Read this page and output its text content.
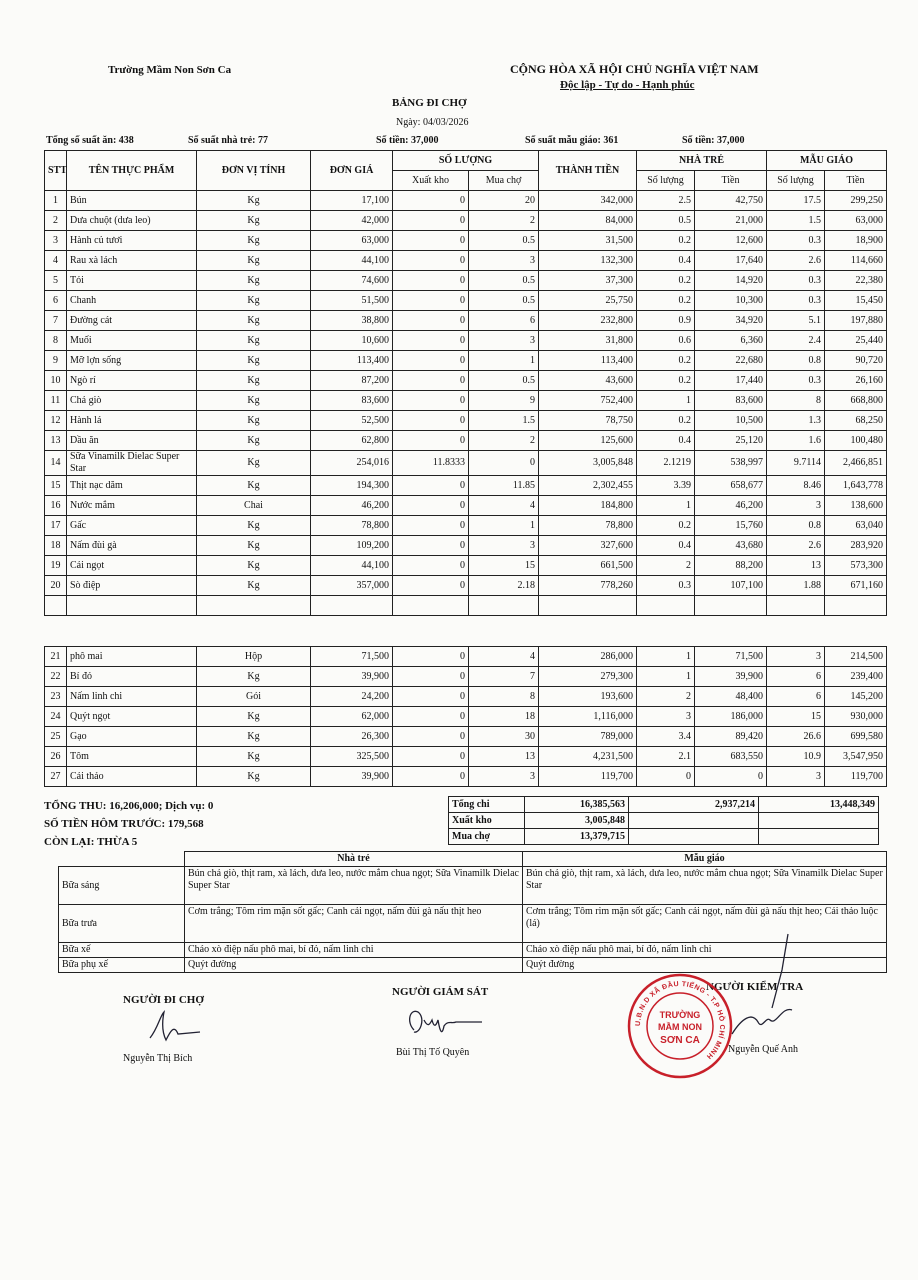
Trường Mầm Non Sơn Ca	CỘNG HÒA XÃ HỘI CHỦ NGHĨA VIỆT NAM
Độc lập - Tự do - Hạnh phúc
BẢNG ĐI CHỢ
Ngày: 04/03/2026
Tổng số suất ăn: 438	Số suất nhà trẻ: 77	Số tiền: 37,000	Số suất mẫu giáo: 361	Số tiền: 37,000
STT	TÊN THỰC PHẨM	ĐƠN VỊ TÍNH	ĐƠN GIÁ	SỐ LƯỢNG		THÀNH TIỀN	NHÀ TRẺ		MẪU GIÁO	
				Xuất kho	Mua chợ		Số lượng	Tiền	Số lượng	Tiền
1	Bún	Kg	17,100	0	20	342,000	2.5	42,750	17.5	299,250
2	Dưa chuột (dưa leo)	Kg	42,000	0	2	84,000	0.5	21,000	1.5	63,000
3	Hành củ tươi	Kg	63,000	0	0.5	31,500	0.2	12,600	0.3	18,900
4	Rau xà lách	Kg	44,100	0	3	132,300	0.4	17,640	2.6	114,660
5	Tỏi	Kg	74,600	0	0.5	37,300	0.2	14,920	0.3	22,380
6	Chanh	Kg	51,500	0	0.5	25,750	0.2	10,300	0.3	15,450
7	Đường cát	Kg	38,800	0	6	232,800	0.9	34,920	5.1	197,880
8	Muối	Kg	10,600	0	3	31,800	0.6	6,360	2.4	25,440
9	Mỡ lợn sống	Kg	113,400	0	1	113,400	0.2	22,680	0.8	90,720
10	Ngò rí	Kg	87,200	0	0.5	43,600	0.2	17,440	0.3	26,160
11	Chả giò	Kg	83,600	0	9	752,400	1	83,600	8	668,800
12	Hành lá	Kg	52,500	0	1.5	78,750	0.2	10,500	1.3	68,250
13	Dầu ăn	Kg	62,800	0	2	125,600	0.4	25,120	1.6	100,480
14	Sữa Vinamilk Dielac Super Star	Kg	254,016	11.8333	0	3,005,848	2.1219	538,997	9.7114	2,466,851
15	Thịt nạc dăm	Kg	194,300	0	11.85	2,302,455	3.39	658,677	8.46	1,643,778
16	Nước mắm	Chai	46,200	0	4	184,800	1	46,200	3	138,600
17	Gấc	Kg	78,800	0	1	78,800	0.2	15,760	0.8	63,040
18	Nấm đùi gà	Kg	109,200	0	3	327,600	0.4	43,680	2.6	283,920
19	Cải ngọt	Kg	44,100	0	15	661,500	2	88,200	13	573,300
20	Sò điệp	Kg	357,000	0	2.18	778,260	0.3	107,100	1.88	671,160

21	phô mai	Hộp	71,500	0	4	286,000	1	71,500	3	214,500
22	Bí đỏ	Kg	39,900	0	7	279,300	1	39,900	6	239,400
23	Nấm linh chi	Gói	24,200	0	8	193,600	2	48,400	6	145,200
24	Quýt ngọt	Kg	62,000	0	18	1,116,000	3	186,000	15	930,000
25	Gạo	Kg	26,300	0	30	789,000	3.4	89,420	26.6	699,580
26	Tôm	Kg	325,500	0	13	4,231,500	2.1	683,550	10.9	3,547,950
27	Cải thảo	Kg	39,900	0	3	119,700	0	0	3	119,700
TỔNG THU: 16,206,000; Dịch vụ: 0
SỐ TIỀN HÔM TRƯỚC: 179,568
CÒN LẠI: THỪA 5
Tổng chi	16,385,563	2,937,214	13,448,349
Xuất kho	3,005,848		
Mua chợ	13,379,715		
	Nhà trẻ	Mẫu giáo
Bữa sáng	Bún chả giò, thịt ram, xà lách, dưa leo, nước mắm chua ngọt; Sữa Vinamilk Dielac Super Star	Bún chả giò, thịt ram, xà lách, dưa leo, nước mắm chua ngọt; Sữa Vinamilk Dielac Super Star
Bữa trưa	Cơm trắng; Tôm rim mặn sốt gấc; Canh cải ngọt, nấm đùi gà nấu thịt heo	Cơm trắng; Tôm rim mặn sốt gấc; Canh cải ngọt, nấm đùi gà nấu thịt heo; Cải thảo luộc (lá)
Bữa xế	Cháo xò điệp nấu phô mai, bí đỏ, nấm linh chi	Cháo xò điệp nấu phô mai, bí đỏ, nấm linh chi
Bữa phụ xế	Quýt đường	Quýt đường
NGƯỜI ĐI CHỢ
Nguyễn Thị Bích
NGƯỜI GIÁM SÁT
Bùi Thị Tố Quyên
NGƯỜI KIỂM TRA
Nguyễn Quế Anh
U.B.N.D XÃ ĐẦU TIẾNG - T.P HỒ CHÍ MINH
TRƯỜNG
MẦM NON
SƠN CA
